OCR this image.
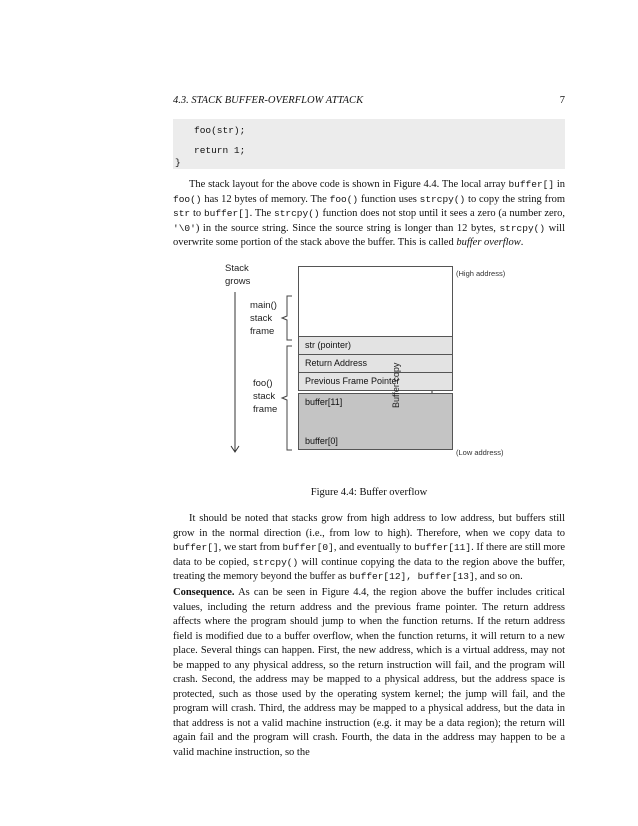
4.3. STACK BUFFER-OVERFLOW ATTACK	7
foo(str);
return 1;
}

The stack layout for the above code is shown in Figure 4.4. The local array buffer[] in foo() has 12 bytes of memory. The foo() function uses strcpy() to copy the string from str to buffer[]. The strcpy() function does not stop until it sees a zero (a number zero, '\0') in the source string. Since the source string is longer than 12 bytes, strcpy() will overwrite some portion of the stack above the buffer. This is called buffer overflow.

Stack
grows
(High address)
(Low address)
main()
stack
frame
foo()
stack
frame
str (pointer)
Return Address
Previous Frame Pointer
buffer[11]
buffer[0]
Buffer copy
Figure 4.4: Buffer overflow

It should be noted that stacks grow from high address to low address, but buffers still grow in the normal direction (i.e., from low to high). Therefore, when we copy data to buffer[], we start from buffer[0], and eventually to buffer[11]. If there are still more data to be copied, strcpy() will continue copying the data to the region above the buffer, treating the memory beyond the buffer as buffer[12], buffer[13], and so on.

Consequence. As can be seen in Figure 4.4, the region above the buffer includes critical values, including the return address and the previous frame pointer. The return address affects where the program should jump to when the function returns. If the return address field is modified due to a buffer overflow, when the function returns, it will return to a new place. Several things can happen. First, the new address, which is a virtual address, may not be mapped to any physical address, so the return instruction will fail, and the program will crash. Second, the address may be mapped to a physical address, but the address space is protected, such as those used by the operating system kernel; the jump will fail, and the program will crash. Third, the address may be mapped to a physical address, but the data in that address is not a valid machine instruction (e.g. it may be a data region); the return will again fail and the program will crash. Fourth, the data in the address may happen to be a valid machine instruction, so the
